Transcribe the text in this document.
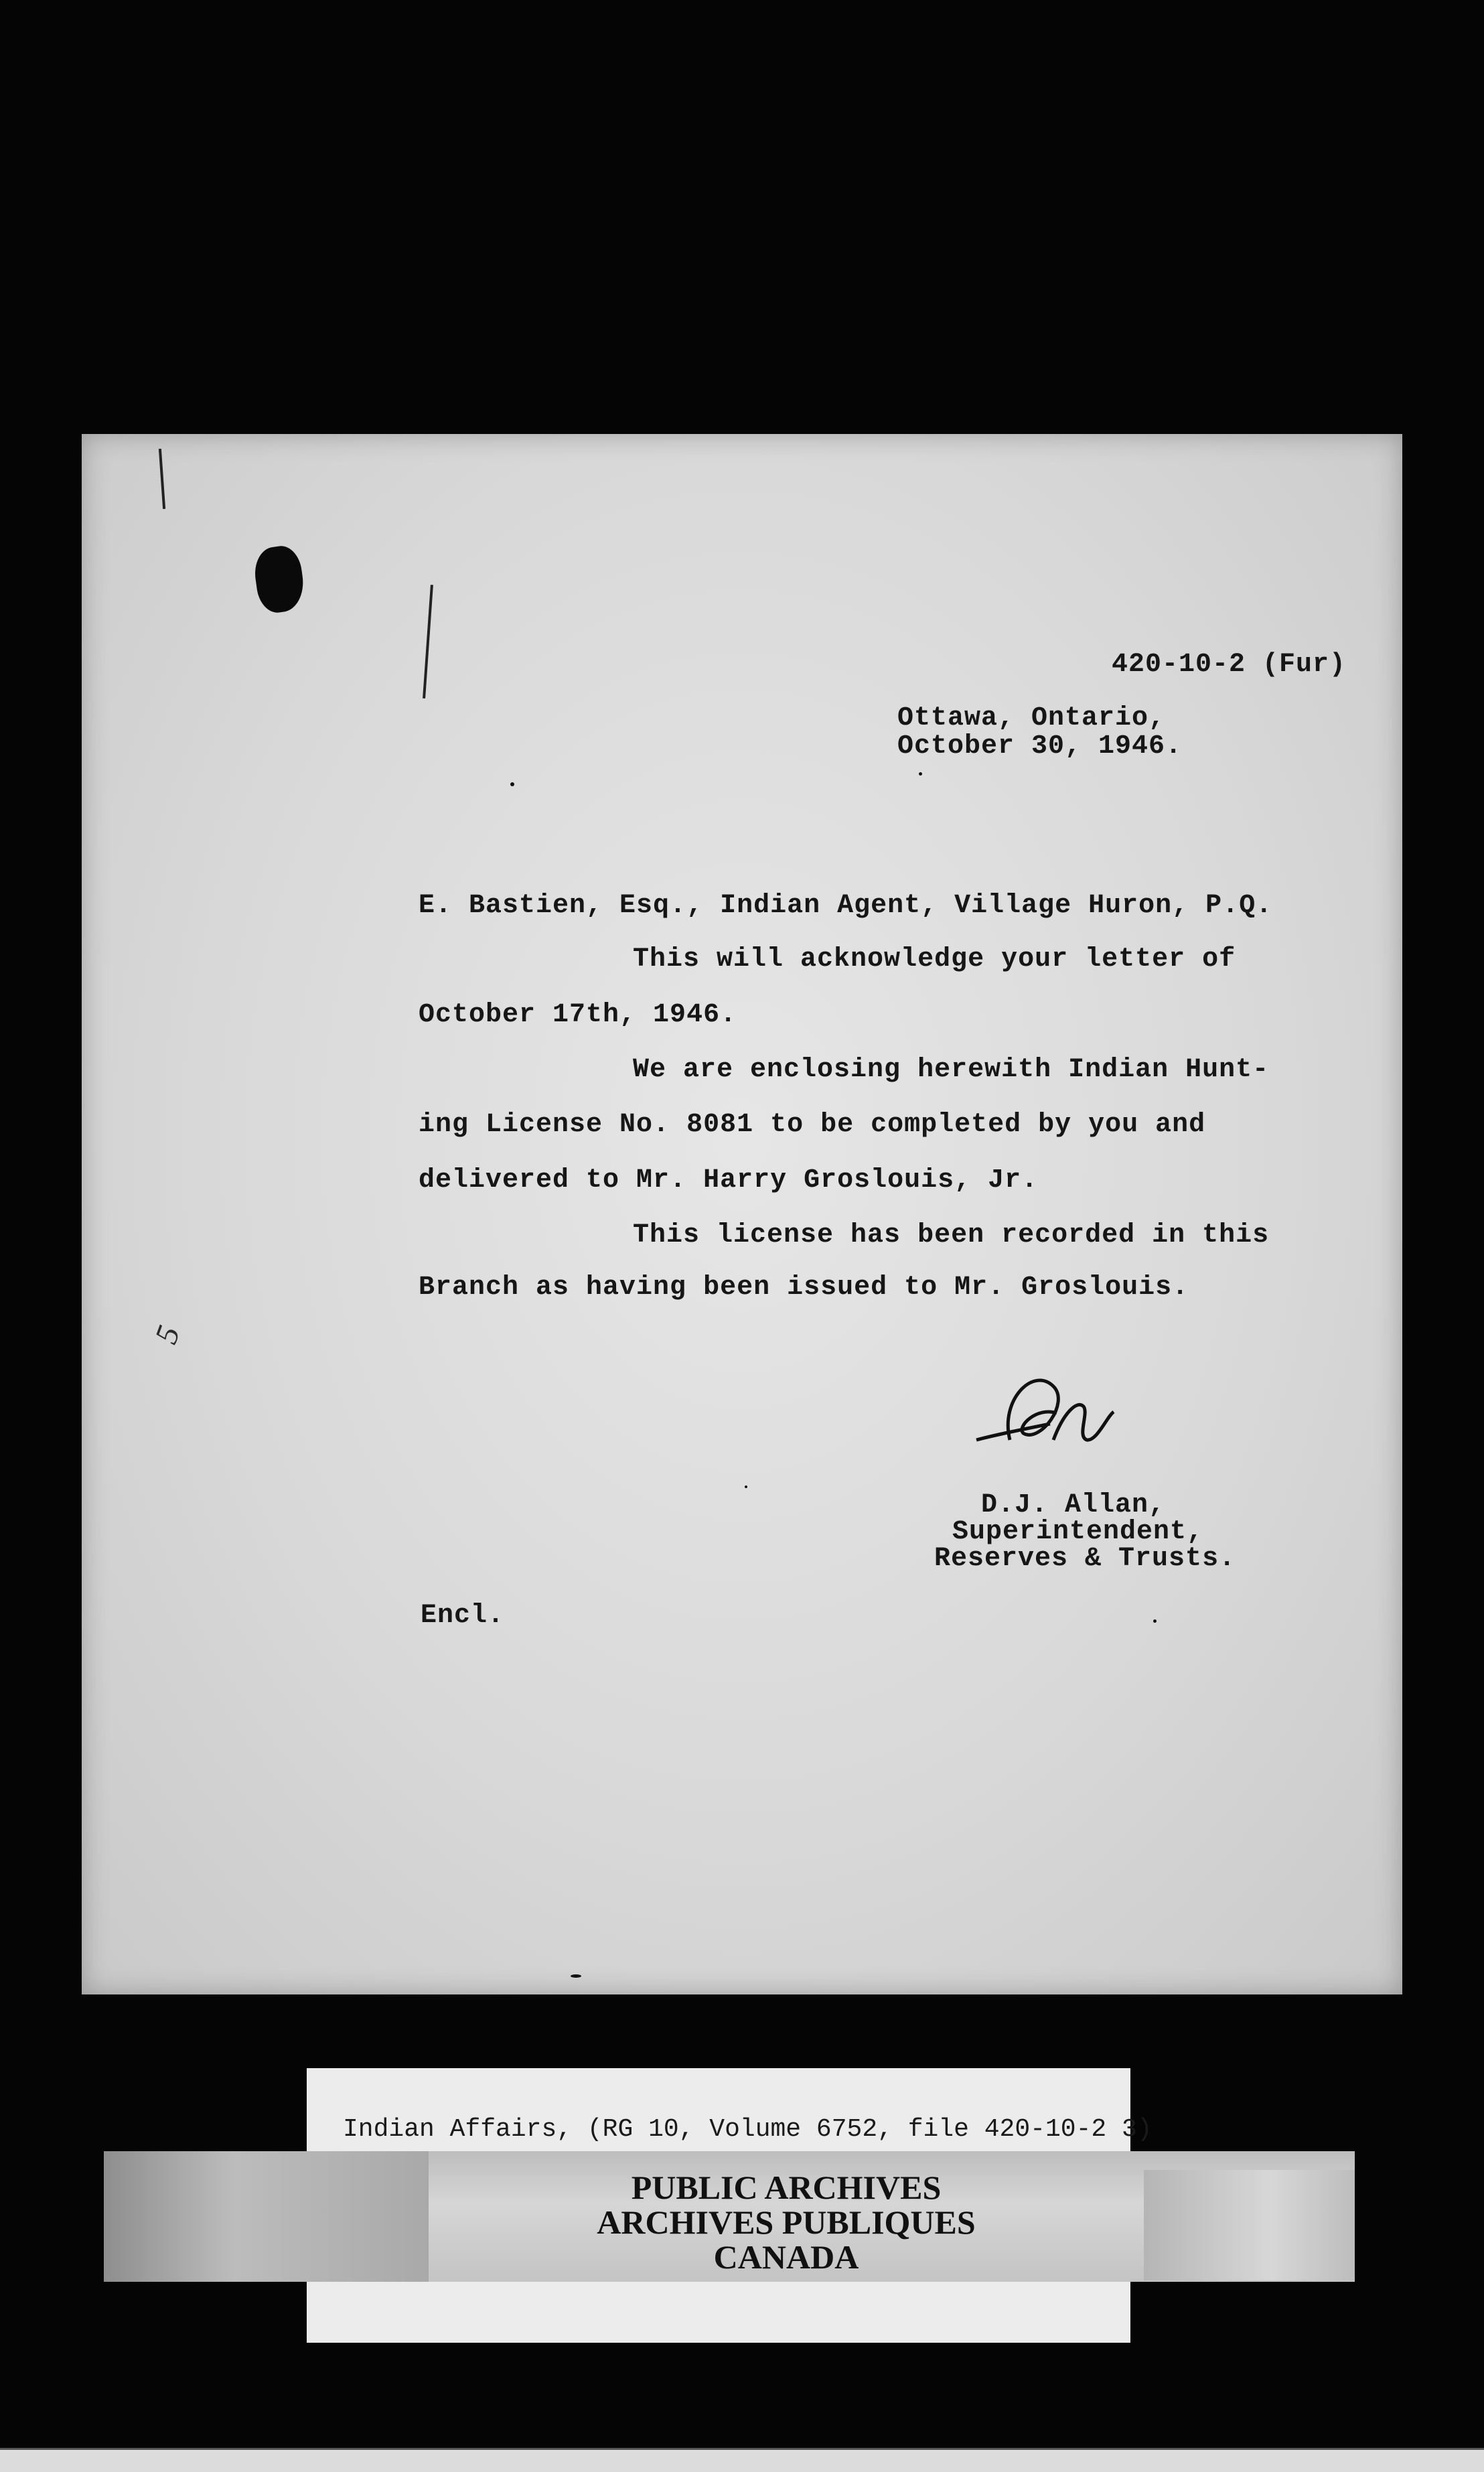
420-10-2 (Fur)
Ottawa, Ontario,
October 30, 1946.
E. Bastien, Esq., Indian Agent, Village Huron, P.Q.
This will acknowledge your letter of
October 17th, 1946.
We are enclosing herewith Indian Hunt-
ing License No. 8081 to be completed by you and
delivered to Mr. Harry Groslouis, Jr.
This license has been recorded in this
Branch as having been issued to Mr. Groslouis.
5
D.J. Allan,
Superintendent,
Reserves & Trusts.
Encl.
Indian Affairs, (RG 10, Volume 6752, file 420-10-2 3)
PUBLIC ARCHIVES
ARCHIVES PUBLIQUES
CANADA
